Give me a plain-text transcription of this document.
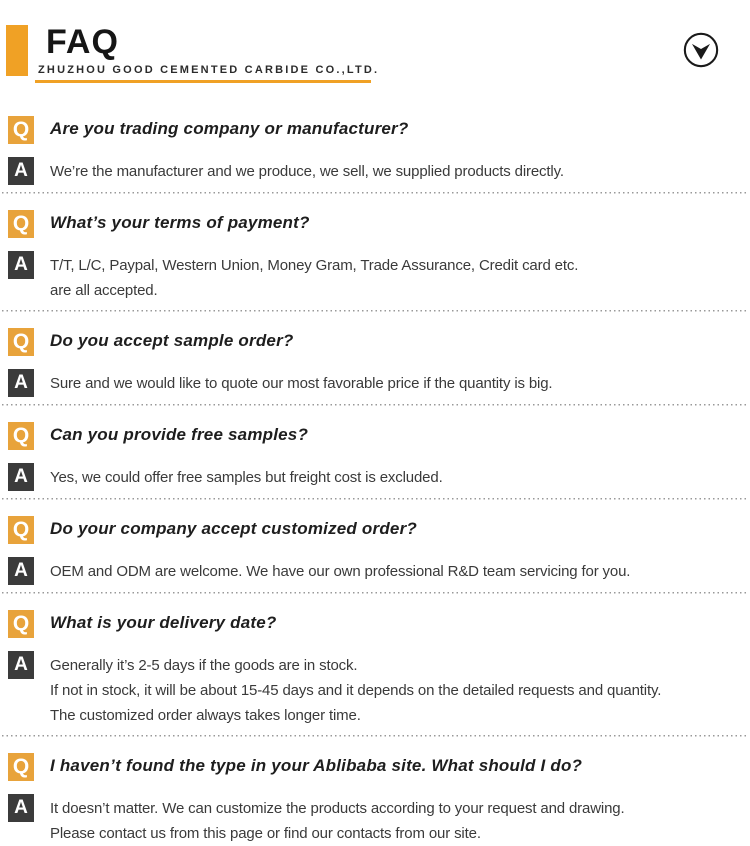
FAQ
ZHUZHOU GOOD CEMENTED CARBIDE CO.,LTD.
Q Are you trading company or manufacturer?
A	We’re the manufacturer and we produce, we sell, we supplied products directly.
Q What’s your terms of payment?
A	T/T, L/C, Paypal, Western Union, Money Gram, Trade Assurance, Credit card etc.
are all accepted.
Q Do you accept sample order?
A	Sure and we would like to quote our most favorable price if the quantity is big.
Q Can you provide free samples?
A	Yes, we could offer free samples but freight cost is excluded.
Q Do your company accept customized order?
A	OEM and ODM are welcome. We have our own professional R&D team servicing for you.
Q What is your delivery date?
A	Generally it’s 2-5 days if the goods are in stock.
If not in stock, it will be about 15-45 days and it depends on the detailed requests and quantity.
The customized order always takes longer time.
Q I haven’t found the type in your Ablibaba site. What should I do?
A	It doesn’t matter. We can customize the products according to your request and drawing.
Please contact us from this page or find our contacts from our site.
